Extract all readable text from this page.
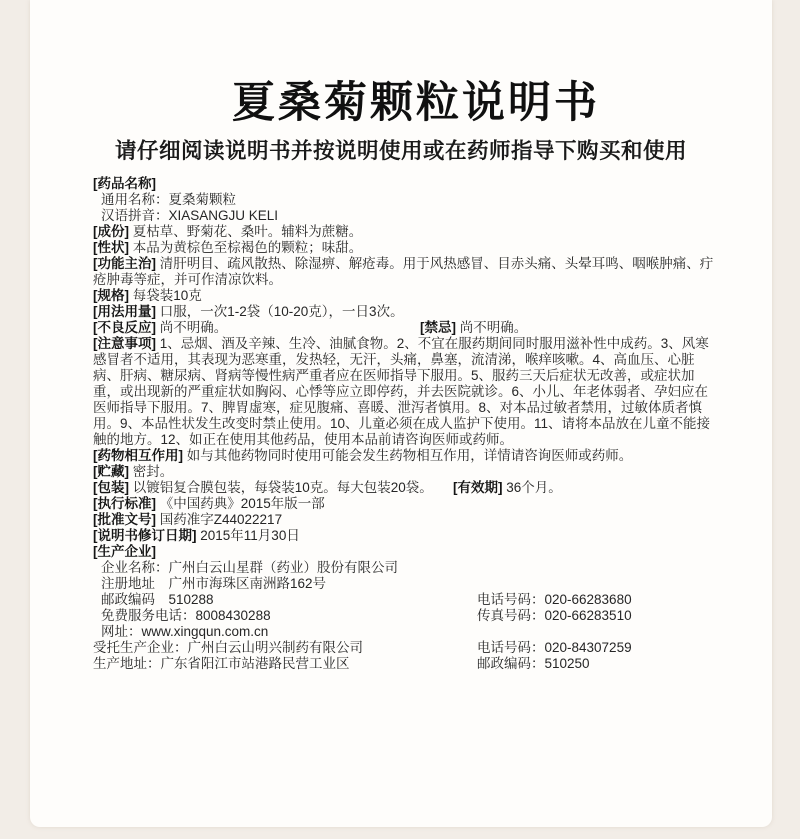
夏桑菊颗粒说明书
请仔细阅读说明书并按说明使用或在药师指导下购买和使用
[药品名称]
通用名称：夏桑菊颗粒
汉语拼音：XIASANGJU KELI
[成份] 夏枯草、野菊花、桑叶。辅料为蔗糖。
[性状] 本品为黄棕色至棕褐色的颗粒；味甜。
[功能主治] 清肝明目、疏风散热、除湿痹、解疮毒。用于风热感冒、目赤头痛、头晕耳鸣、咽喉肿痛、疔疮肿毒等症，并可作清凉饮料。
[规格] 每袋装10克
[用法用量] 口服，一次1-2袋（10-20克），一日3次。
[不良反应] 尚不明确。	[禁忌] 尚不明确。
[注意事项] 1、忌烟、酒及辛辣、生冷、油腻食物。2、不宜在服药期间同时服用滋补性中成药。3、风寒感冒者不适用，其表现为恶寒重，发热轻，无汗，头痛，鼻塞，流清涕，喉痒咳嗽。4、高血压、心脏病、肝病、糖尿病、肾病等慢性病严重者应在医师指导下服用。5、服药三天后症状无改善，或症状加重，或出现新的严重症状如胸闷、心悸等应立即停药，并去医院就诊。6、小儿、年老体弱者、孕妇应在医师指导下服用。7、脾胃虚寒，症见腹痛、喜暖、泄泻者慎用。8、对本品过敏者禁用，过敏体质者慎用。9、本品性状发生改变时禁止使用。10、儿童必须在成人监护下使用。11、请将本品放在儿童不能接触的地方。12、如正在使用其他药品，使用本品前请咨询医师或药师。
[药物相互作用] 如与其他药物同时使用可能会发生药物相互作用，详情请咨询医师或药师。
[贮藏] 密封。
[包装] 以镀铝复合膜包装，每袋装10克。每大包装20袋。 [有效期] 36个月。
[执行标准] 《中国药典》2015年版一部
[批准文号] 国药准字Z44022217
[说明书修订日期] 2015年11月30日
[生产企业]
企业名称：广州白云山星群（药业）股份有限公司
注册地址　广州市海珠区南洲路162号
邮政编码　510288	电话号码：020-66283680
免费服务电话：8008430288	传真号码：020-66283510
网址：www.xingqun.com.cn
受托生产企业：广州白云山明兴制药有限公司	电话号码：020-84307259
生产地址：广东省阳江市站港路民营工业区	邮政编码：510250
